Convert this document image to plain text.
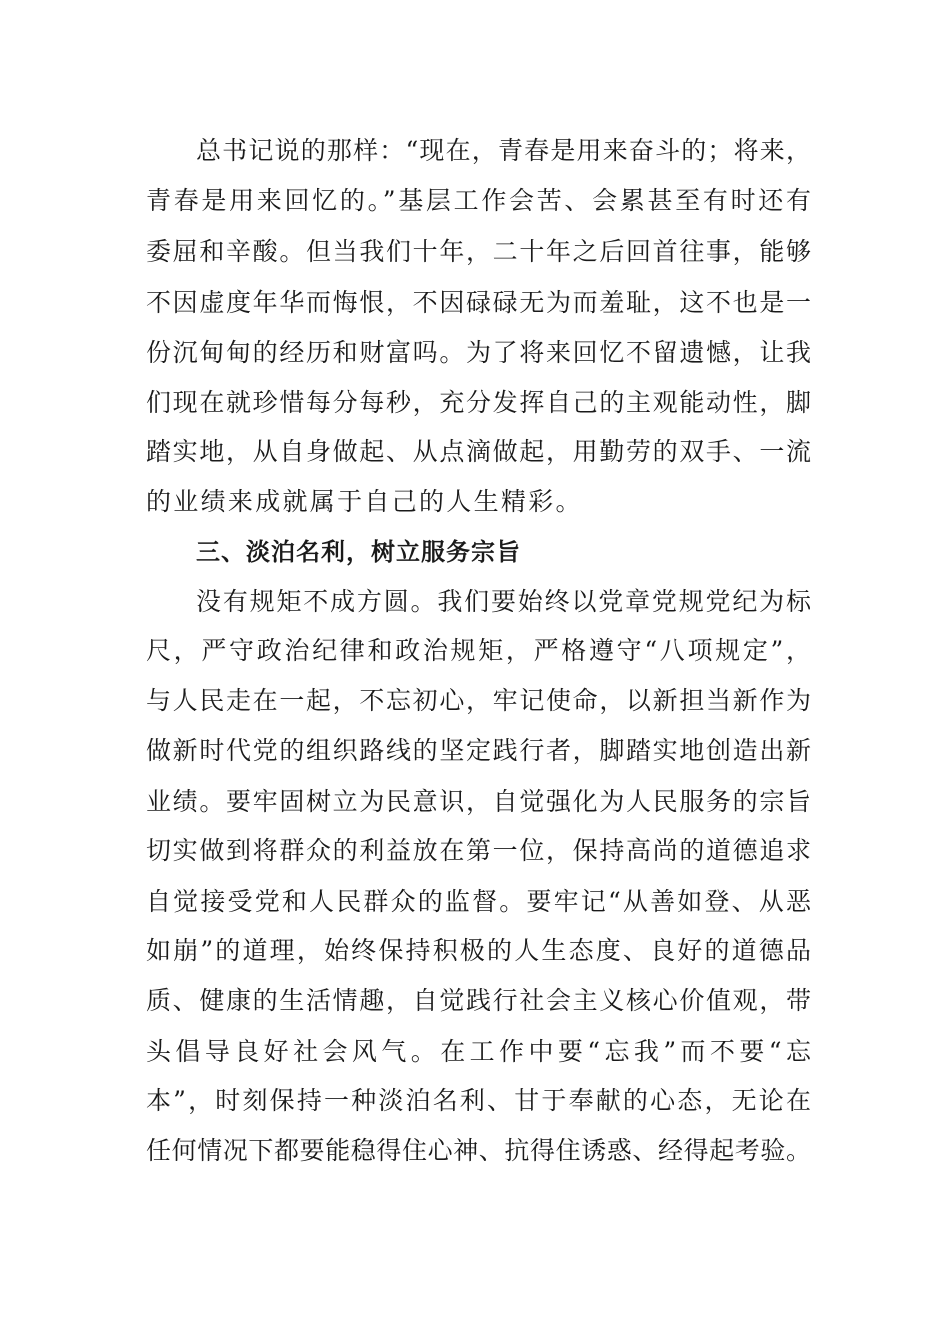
总书记说的那样：“现在，青春是用来奋斗的；将来，
青春是用来回忆的。”基层工作会苦、会累甚至有时还有
委屈和辛酸。但当我们十年，二十年之后回首往事，能够
不因虚度年华而悔恨，不因碌碌无为而羞耻，这不也是一
份沉甸甸的经历和财富吗。为了将来回忆不留遗憾，让我
们现在就珍惜每分每秒，充分发挥自己的主观能动性，脚
踏实地，从自身做起、从点滴做起，用勤劳的双手、一流
的业绩来成就属于自己的人生精彩。
三、淡泊名利，树立服务宗旨
没有规矩不成方圆。我们要始终以党章党规党纪为标
尺，严守政治纪律和政治规矩，严格遵守“八项规定”，
与人民走在一起，不忘初心，牢记使命，以新担当新作为
做新时代党的组织路线的坚定践行者，脚踏实地创造出新
业绩。要牢固树立为民意识，自觉强化为人民服务的宗旨
切实做到将群众的利益放在第一位，保持高尚的道德追求
自觉接受党和人民群众的监督。要牢记“从善如登、从恶
如崩”的道理，始终保持积极的人生态度、良好的道德品
质、健康的生活情趣，自觉践行社会主义核心价值观，带
头倡导良好社会风气。在工作中要“忘我”而不要“忘
本”，时刻保持一种淡泊名利、甘于奉献的心态，无论在
任何情况下都要能稳得住心神、抗得住诱惑、经得起考验。
